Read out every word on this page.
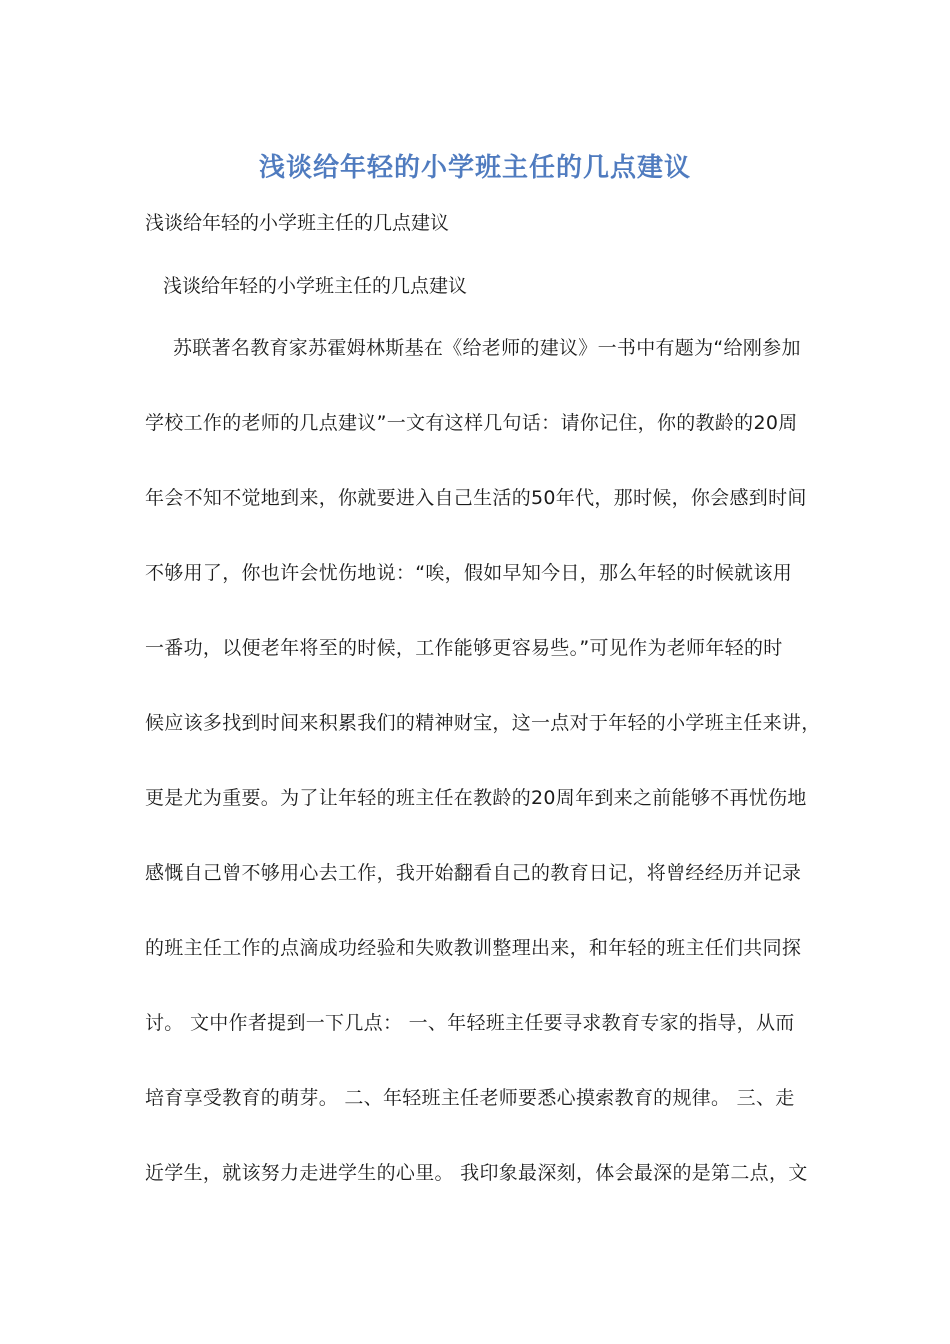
浅谈给年轻的小学班主任的几点建议
浅谈给年轻的小学班主任的几点建议
浅谈给年轻的小学班主任的几点建议
苏联著名教育家苏霍姆林斯基在《给老师的建议》一书中有题为“给刚参加
学校工作的老师的几点建议”一文有这样几句话：请你记住，你的教龄的20周
年会不知不觉地到来，你就要进入自己生活的50年代，那时候，你会感到时间
不够用了，你也许会忧伤地说：“唉，假如早知今日，那么年轻的时候就该用
一番功，以便老年将至的时候，工作能够更容易些。”可见作为老师年轻的时
候应该多找到时间来积累我们的精神财宝，这一点对于年轻的小学班主任来讲，
更是尤为重要。为了让年轻的班主任在教龄的20周年到来之前能够不再忧伤地
感慨自己曾不够用心去工作，我开始翻看自己的教育日记，将曾经经历并记录
的班主任工作的点滴成功经验和失败教训整理出来，和年轻的班主任们共同探
讨。 文中作者提到一下几点： 一、年轻班主任要寻求教育专家的指导，从而
培育享受教育的萌芽。 二、年轻班主任老师要悉心摸索教育的规律。 三、走
近学生，就该努力走进学生的心里。 我印象最深刻，体会最深的是第二点，文
